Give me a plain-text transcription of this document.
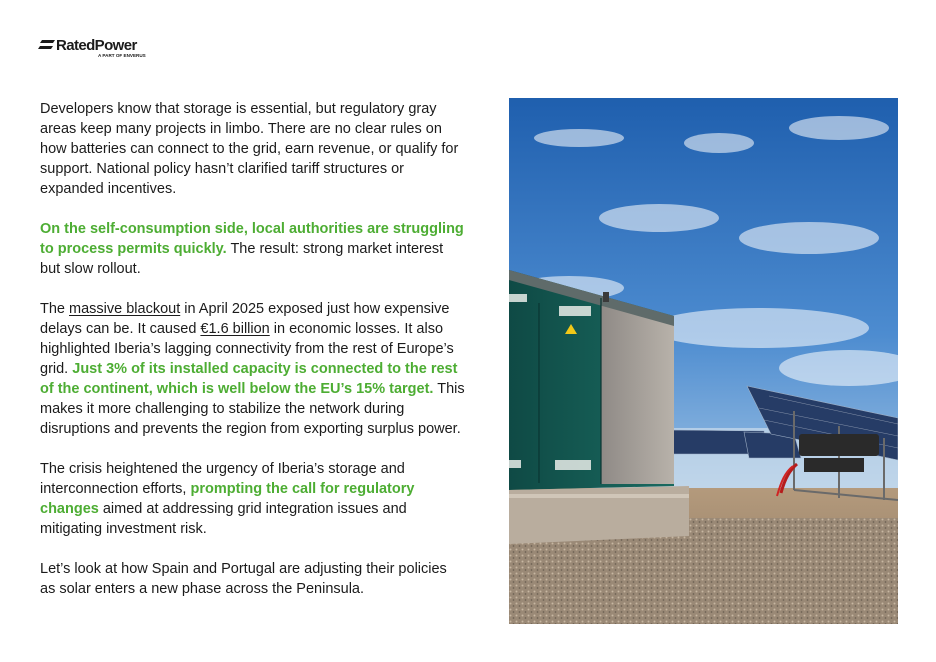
RatedPower
A PART OF ENVERUS

Developers know that storage is essential, but regulatory gray areas keep many projects in limbo. There are no clear rules on how batteries can connect to the grid, earn revenue, or qualify for support. National policy hasn’t clarified tariff structures or expanded incentives.

On the self-consumption side, local authorities are struggling to process permits quickly. The result: strong market interest but slow rollout.

The massive blackout in April 2025 exposed just how expensive delays can be. It caused €1.6 billion in economic losses. It also highlighted Iberia’s lagging connectivity from the rest of Europe’s grid. Just 3% of its installed capacity is connected to the rest of the continent, which is well below the EU’s 15% target. This makes it more challenging to stabilize the network during disruptions and prevents the region from exporting surplus power.

The crisis heightened the urgency of Iberia’s storage and interconnection efforts, prompting the call for regulatory changes aimed at addressing grid integration issues and mitigating investment risk.

Let’s look at how Spain and Portugal are adjusting their policies as solar enters a new phase across the Peninsula.
